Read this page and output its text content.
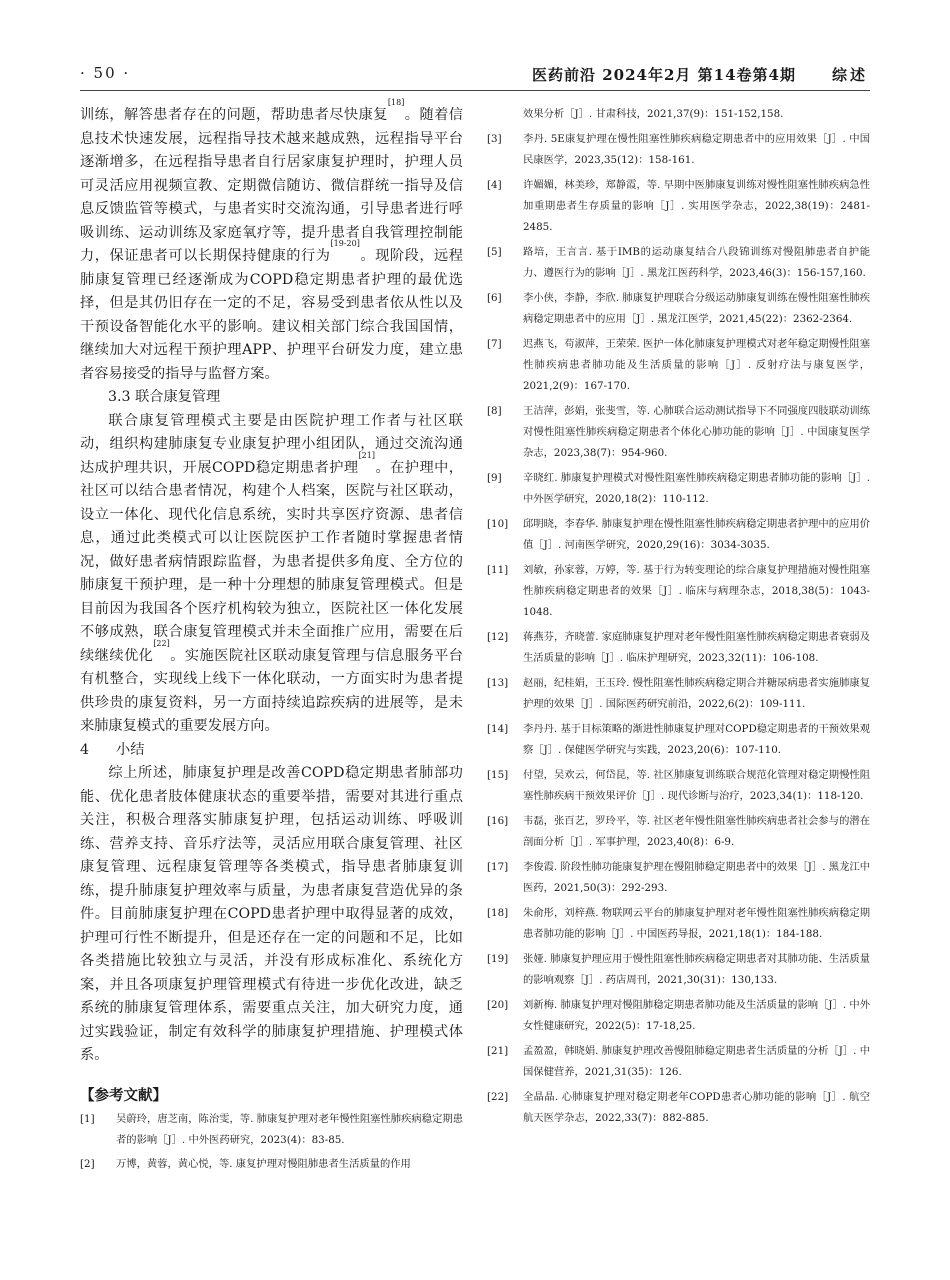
· 50 ·	医药前沿 2024年2月 第14卷第4期 综述

训练，解答患者存在的问题，帮助患者尽快康复[18]。随着信息技术快速发展，远程指导技术越来越成熟，远程指导平台逐渐增多，在远程指导患者自行居家康复护理时，护理人员可灵活应用视频宣教、定期微信随访、微信群统一指导及信息反馈监管等模式，与患者实时交流沟通，引导患者进行呼吸训练、运动训练及家庭氧疗等，提升患者自我管理控制能力，保证患者可以长期保持健康的行为[19-20]。现阶段，远程肺康复管理已经逐渐成为COPD稳定期患者护理的最优选择，但是其仍旧存在一定的不足，容易受到患者依从性以及干预设备智能化水平的影响。建议相关部门综合我国国情，继续加大对远程干预护理APP、护理平台研发力度，建立患者容易接受的指导与监督方案。

3.3 联合康复管理

联合康复管理模式主要是由医院护理工作者与社区联动，组织构建肺康复专业康复护理小组团队，通过交流沟通达成护理共识，开展COPD稳定期患者护理[21]。在护理中，社区可以结合患者情况，构建个人档案，医院与社区联动，设立一体化、现代化信息系统，实时共享医疗资源、患者信息，通过此类模式可以让医院医护工作者随时掌握患者情况，做好患者病情跟踪监督，为患者提供多角度、全方位的肺康复干预护理，是一种十分理想的肺康复管理模式。但是目前因为我国各个医疗机构较为独立，医院社区一体化发展不够成熟，联合康复管理模式并未全面推广应用，需要在后续继续优化[22]。实施医院社区联动康复管理与信息服务平台有机整合，实现线上线下一体化联动，一方面实时为患者提供珍贵的康复资料，另一方面持续追踪疾病的进展等，是未来肺康复模式的重要发展方向。

4 小结

综上所述，肺康复护理是改善COPD稳定期患者肺部功能、优化患者肢体健康状态的重要举措，需要对其进行重点关注，积极合理落实肺康复护理，包括运动训练、呼吸训练、营养支持、音乐疗法等，灵活应用联合康复管理、社区康复管理、远程康复管理等各类模式，指导患者肺康复训练，提升肺康复护理效率与质量，为患者康复营造优异的条件。目前肺康复护理在COPD患者护理中取得显著的成效，护理可行性不断提升，但是还存在一定的问题和不足，比如各类措施比较独立与灵活，并没有形成标准化、系统化方案，并且各项康复护理管理模式有待进一步优化改进，缺乏系统的肺康复管理体系，需要重点关注，加大研究力度，通过实践验证，制定有效科学的肺康复护理措施、护理模式体系。

【参考文献】
[1]	吴蔚玲，唐芝南，陈治雯，等. 肺康复护理对老年慢性阻塞性肺疾病稳定期患者的影响［J］. 中外医药研究，2023(4)：83-85.
[2]	万博，黄蓉，黄心悦，等. 康复护理对慢阻肺患者生活质量的作用
效果分析［J］. 甘肃科技，2021,37(9)：151-152,158.
[3]	李丹. 5E康复护理在慢性阻塞性肺疾病稳定期患者中的应用效果［J］. 中国民康医学，2023,35(12)：158-161.
[4]	许媚媚，林美珍，郑静霞，等. 早期中医肺康复训练对慢性阻塞性肺疾病急性加重期患者生存质量的影响［J］. 实用医学杂志，2022,38(19)：2481-2485.
[5]	路培，王言言. 基于IMB的运动康复结合八段锦训练对慢阻肺患者自护能力、遵医行为的影响［J］. 黑龙江医药科学，2023,46(3)：156-157,160.
[6]	李小侠，李静，李欣. 肺康复护理联合分级运动肺康复训练在慢性阻塞性肺疾病稳定期患者中的应用［J］. 黑龙江医学，2021,45(22)：2362-2364.
[7]	迟燕飞，苟淑萍，王荣荣. 医护一体化肺康复护理模式对老年稳定期慢性阻塞性肺疾病患者肺功能及生活质量的影响［J］. 反射疗法与康复医学，2021,2(9)：167-170.
[8]	王洁萍，彭娟，张斐雪，等. 心肺联合运动测试指导下不同强度四肢联动训练对慢性阻塞性肺疾病稳定期患者个体化心肺功能的影响［J］. 中国康复医学杂志，2023,38(7)：954-960.
[9]	辛晓红. 肺康复护理模式对慢性阻塞性肺疾病稳定期患者肺功能的影响［J］. 中外医学研究，2020,18(2)：110-112.
[10]	邱明晓，李春华. 肺康复护理在慢性阻塞性肺疾病稳定期患者护理中的应用价值［J］. 河南医学研究，2020,29(16)：3034-3035.
[11]	刘敏，孙家蓉，万婷，等. 基于行为转变理论的综合康复护理措施对慢性阻塞性肺疾病稳定期患者的效果［J］. 临床与病理杂志，2018,38(5)：1043-1048.
[12]	蒋燕芬，齐晓蕾. 家庭肺康复护理对老年慢性阻塞性肺疾病稳定期患者衰弱及生活质量的影响［J］. 临床护理研究，2023,32(11)：106-108.
[13]	赵丽，纪桂娟，王玉玲. 慢性阻塞性肺疾病稳定期合并糖尿病患者实施肺康复护理的效果［J］. 国际医药研究前沿，2022,6(2)：109-111.
[14]	李丹丹. 基于目标策略的渐进性肺康复护理对COPD稳定期患者的干预效果观察［J］. 保健医学研究与实践，2023,20(6)：107-110.
[15]	付望，吴欢云，何岱昆，等. 社区肺康复训练联合规范化管理对稳定期慢性阻塞性肺疾病干预效果评价［J］. 现代诊断与治疗，2023,34(1)：118-120.
[16]	韦磊，张百艺，罗玲平，等. 社区老年慢性阻塞性肺疾病患者社会参与的潜在剖面分析［J］. 军事护理，2023,40(8)：6-9.
[17]	李俊霞. 阶段性肺功能康复护理在慢阻肺稳定期患者中的效果［J］. 黑龙江中医药，2021,50(3)：292-293.
[18]	朱俞彤，刘梓燕. 物联网云平台的肺康复护理对老年慢性阻塞性肺疾病稳定期患者肺功能的影响［J］. 中国医药导报，2021,18(1)：184-188.
[19]	张娅. 肺康复护理应用于慢性阻塞性肺疾病稳定期患者对其肺功能、生活质量的影响观察［J］. 药店周刊，2021,30(31)：130,133.
[20]	刘新梅. 肺康复护理对慢阻肺稳定期患者肺功能及生活质量的影响［J］. 中外女性健康研究，2022(5)：17-18,25.
[21]	孟盈盈，韩晓娟. 肺康复护理改善慢阻肺稳定期患者生活质量的分析［J］. 中国保健营养，2021,31(35)：126.
[22]	全晶晶. 心肺康复护理对稳定期老年COPD患者心肺功能的影响［J］. 航空航天医学杂志，2022,33(7)：882-885.
